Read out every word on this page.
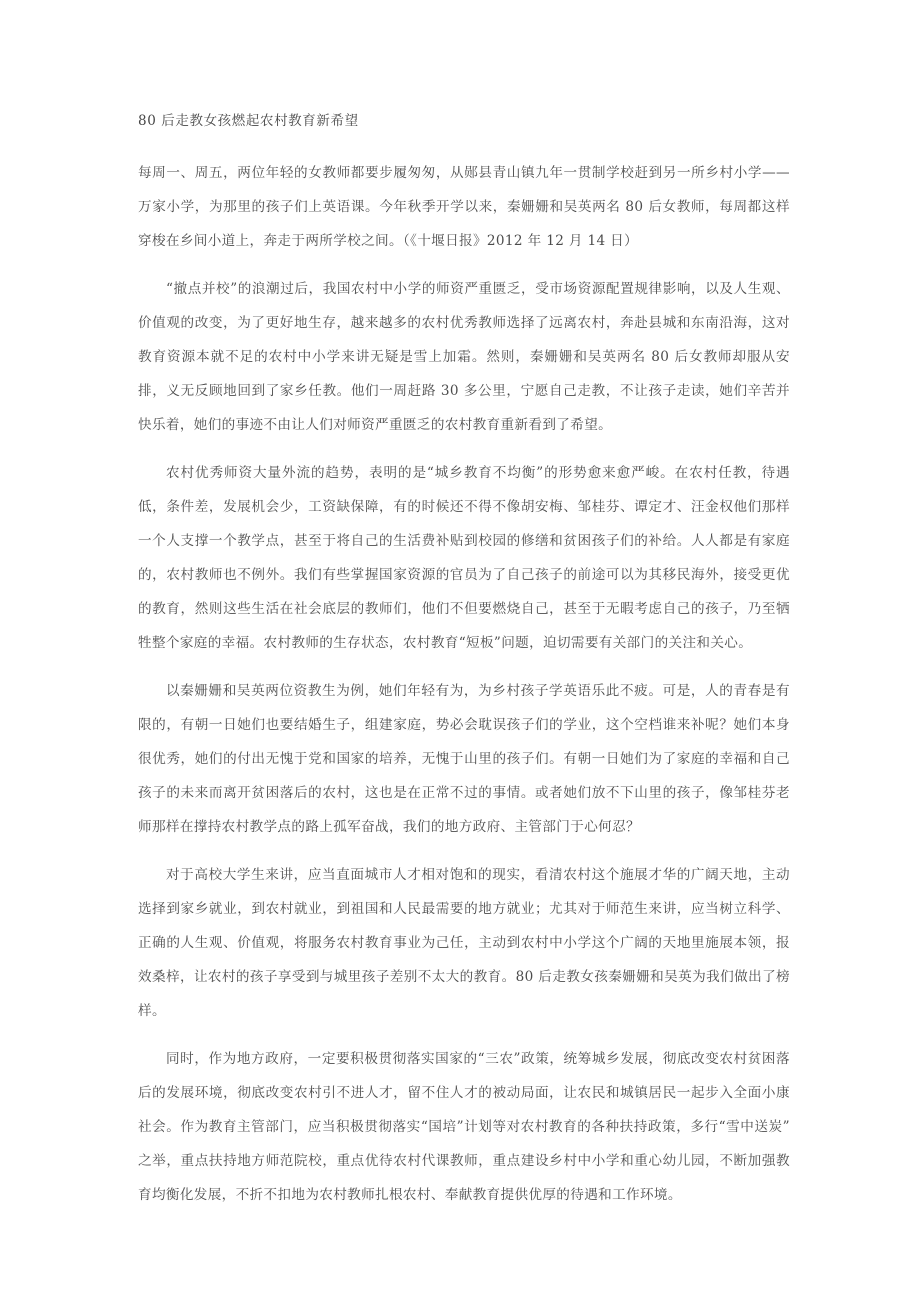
80 后走教女孩燃起农村教育新希望

每周一、周五，两位年轻的女教师都要步履匆匆，从郧县青山镇九年一贯制学校赶到另一所乡村小学——万家小学，为那里的孩子们上英语课。今年秋季开学以来，秦姗姗和吴英两名 80 后女教师，每周都这样穿梭在乡间小道上，奔走于两所学校之间。（《十堰日报》2012 年 12 月 14 日）

“撤点并校”的浪潮过后，我国农村中小学的师资严重匮乏，受市场资源配置规律影响，以及人生观、价值观的改变，为了更好地生存，越来越多的农村优秀教师选择了远离农村，奔赴县城和东南沿海，这对教育资源本就不足的农村中小学来讲无疑是雪上加霜。然则，秦姗姗和吴英两名 80 后女教师却服从安排，义无反顾地回到了家乡任教。他们一周赶路 30 多公里，宁愿自己走教，不让孩子走读，她们辛苦并快乐着，她们的事迹不由让人们对师资严重匮乏的农村教育重新看到了希望。

农村优秀师资大量外流的趋势，表明的是“城乡教育不均衡”的形势愈来愈严峻。在农村任教，待遇低，条件差，发展机会少，工资缺保障，有的时候还不得不像胡安梅、邹桂芬、谭定才、汪金权他们那样一个人支撑一个教学点，甚至于将自己的生活费补贴到校园的修缮和贫困孩子们的补给。人人都是有家庭的，农村教师也不例外。我们有些掌握国家资源的官员为了自己孩子的前途可以为其移民海外，接受更优的教育，然则这些生活在社会底层的教师们，他们不但要燃烧自己，甚至于无暇考虑自己的孩子，乃至牺牲整个家庭的幸福。农村教师的生存状态，农村教育“短板”问题，迫切需要有关部门的关注和关心。

以秦姗姗和吴英两位资教生为例，她们年轻有为，为乡村孩子学英语乐此不疲。可是，人的青春是有限的，有朝一日她们也要结婚生子，组建家庭，势必会耽误孩子们的学业，这个空档谁来补呢？她们本身很优秀，她们的付出无愧于党和国家的培养，无愧于山里的孩子们。有朝一日她们为了家庭的幸福和自己孩子的未来而离开贫困落后的农村，这也是在正常不过的事情。或者她们放不下山里的孩子，像邹桂芬老师那样在撑持农村教学点的路上孤军奋战，我们的地方政府、主管部门于心何忍？

对于高校大学生来讲，应当直面城市人才相对饱和的现实，看清农村这个施展才华的广阔天地，主动选择到家乡就业，到农村就业，到祖国和人民最需要的地方就业；尤其对于师范生来讲，应当树立科学、正确的人生观、价值观，将服务农村教育事业为己任，主动到农村中小学这个广阔的天地里施展本领，报效桑梓，让农村的孩子享受到与城里孩子差别不太大的教育。80 后走教女孩秦姗姗和吴英为我们做出了榜样。

同时，作为地方政府，一定要积极贯彻落实国家的“三农”政策，统筹城乡发展，彻底改变农村贫困落后的发展环境，彻底改变农村引不进人才，留不住人才的被动局面，让农民和城镇居民一起步入全面小康社会。作为教育主管部门，应当积极贯彻落实“国培”计划等对农村教育的各种扶持政策，多行“雪中送炭”之举，重点扶持地方师范院校，重点优待农村代课教师，重点建设乡村中小学和重心幼儿园，不断加强教育均衡化发展，不折不扣地为农村教师扎根农村、奉献教育提供优厚的待遇和工作环境。
